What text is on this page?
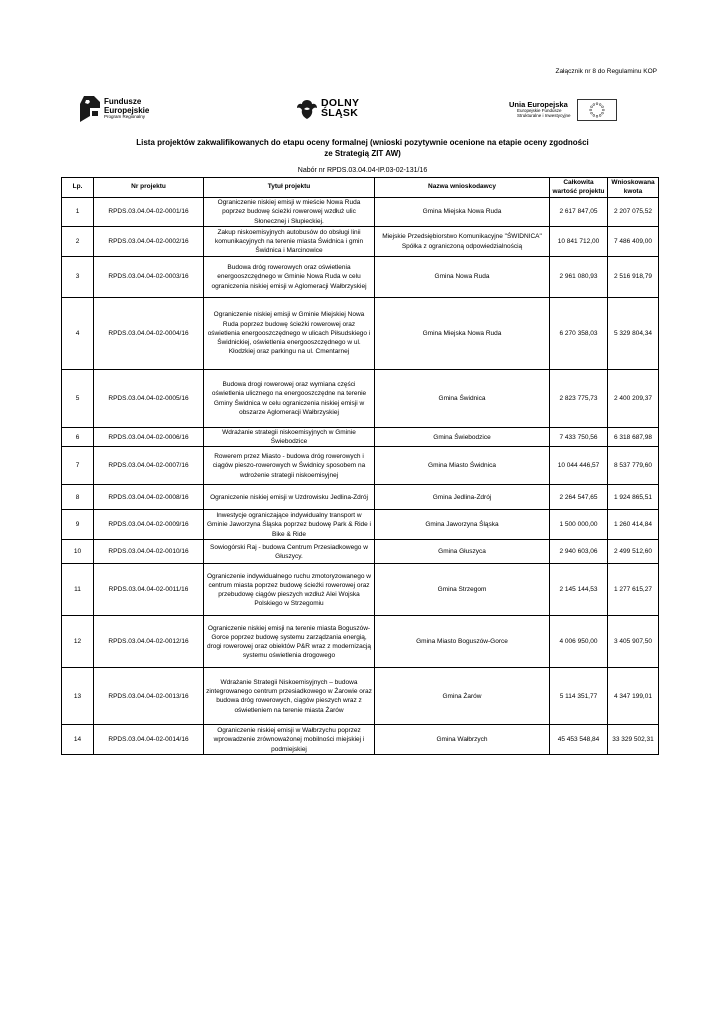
Załącznik nr 8 do Regulaminu KOP
Fundusze
Europejskie
Program Regionalny
DOLNY
ŚLĄSK
Unia Europejska
Europejskie Fundusze
Strukturalne i Inwestycyjne
Lista projektów zakwalifikowanych do etapu oceny formalnej (wnioski pozytywnie ocenione na etapie oceny zgodności
ze Strategią ZIT AW)
Nabór nr RPDS.03.04.04-IP.03-02-131/16
Lp.	Nr projektu	Tytuł projektu	Nazwa wnioskodawcy	Całkowita wartość projektu	Wnioskowana kwota
1	RPDS.03.04.04-02-0001/16	Ograniczenie niskiej emisji w mieście Nowa Ruda poprzez budowę ścieżki rowerowej wzdłuż ulic Słonecznej i Słupieckiej.	Gmina Miejska Nowa Ruda	2 617 847,05	2 207 075,52
2	RPDS.03.04.04-02-0002/16	Zakup niskoemisyjnych autobusów do obsługi linii komunikacyjnych na terenie miasta Świdnica i gmin Świdnica i Marcinowice	Miejskie Przedsiębiorstwo Komunikacyjne "ŚWIDNICA" Spółka z ograniczoną odpowiedzialnością	10 841 712,00	7 486 409,00
3	RPDS.03.04.04-02-0003/16	Budowa dróg rowerowych oraz oświetlenia energooszczędnego w Gminie Nowa Ruda w celu ograniczenia niskiej emisji w Aglomeracji Wałbrzyskiej	Gmina Nowa Ruda	2 961 080,93	2 516 918,79
4	RPDS.03.04.04-02-0004/16	Ograniczenie niskiej emisji w Gminie Miejskiej Nowa Ruda poprzez budowę ścieżki rowerowej oraz oświetlenia energooszczędnego w ulicach Piłsudskiego i Świdnickiej, oświetlenia energooszczędnego w ul. Kłodzkiej oraz parkingu na ul. Cmentarnej	Gmina Miejska Nowa Ruda	6 270 358,03	5 329 804,34
5	RPDS.03.04.04-02-0005/16	Budowa drogi rowerowej oraz wymiana części oświetlenia ulicznego na energooszczędne na terenie Gminy Świdnica w celu ograniczenia niskiej emisji w obszarze Aglomeracji Wałbrzyskiej	Gmina Świdnica	2 823 775,73	2 400 209,37
6	RPDS.03.04.04-02-0006/16	Wdrażanie strategii niskoemisyjnych w Gminie Świebodzice	Gmina Świebodzice	7 433 750,56	6 318 687,98
7	RPDS.03.04.04-02-0007/16	Rowerem przez Miasto - budowa dróg rowerowych i ciągów pieszo-rowerowych w Świdnicy sposobem na wdrożenie strategii niskoemisyjnej	Gmina Miasto Świdnica	10 044 446,57	8 537 779,60
8	RPDS.03.04.04-02-0008/16	Ograniczenie niskiej emisji w Uzdrowisku Jedlina-Zdrój	Gmina Jedlina-Zdrój	2 264 547,65	1 924 865,51
9	RPDS.03.04.04-02-0009/16	Inwestycje ograniczające indywidualny transport w Gminie Jaworzyna Śląska poprzez budowę Park & Ride i Bike & Ride	Gmina Jaworzyna Śląska	1 500 000,00	1 260 414,84
10	RPDS.03.04.04-02-0010/16	Sowiogórski Raj - budowa Centrum Przesiadkowego w Głuszycy.	Gmina Głuszyca	2 940 603,06	2 499 512,60
11	RPDS.03.04.04-02-0011/16	Ograniczenie indywidualnego ruchu zmotoryzowanego w centrum miasta poprzez budowę ścieżki rowerowej oraz przebudowę ciągów pieszych wzdłuż Alei Wojska Polskiego w Strzegomiu	Gmina Strzegom	2 145 144,53	1 277 615,27
12	RPDS.03.04.04-02-0012/16	Ograniczenie niskiej emisji na terenie miasta Boguszów-Gorce poprzez budowę systemu zarządzania energią, drogi rowerowej oraz obiektów P&R wraz z modernizacją systemu oświetlenia drogowego	Gmina Miasto Boguszów-Gorce	4 006 950,00	3 405 907,50
13	RPDS.03.04.04-02-0013/16	Wdrażanie Strategii Niskoemisyjnych – budowa zintegrowanego centrum przesiadkowego w Żarowie oraz budowa dróg rowerowych, ciągów pieszych wraz z oświetleniem na terenie miasta Żarów	Gmina Żarów	5 114 351,77	4 347 199,01
14	RPDS.03.04.04-02-0014/16	Ograniczenie niskiej emisji w Wałbrzychu poprzez wprowadzenie zrównoważonej mobilności miejskiej i podmiejskiej	Gmina Wałbrzych	45 453 548,84	33 329 502,31
